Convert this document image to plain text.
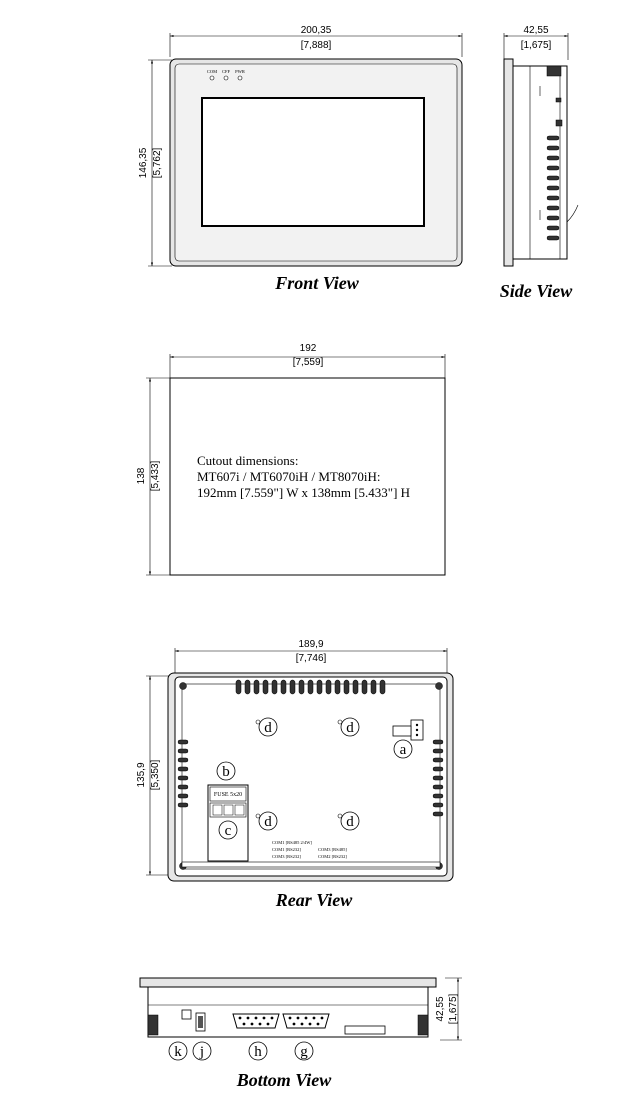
200,35
[7,888]
146,35 [5,762]
COM CFF PWR
Front View
42,55
[1,675]
Side View
192
[7,559]
138 [5,433]
Cutout dimensions:
MT607i / MT6070iH / MT8070iH:
192mm [7.559"] W x 138mm [5.433"] H
189,9
[7,746]
135,9 [5,350]
FUSE 5x20
COM1 [RS485 2/4W]
COM1 [RS232]	COM3 [RS485]
COM3 [RS232]	COM2 [RS232]
a
b
c
d	d
d	d
Rear View
42,55 [1,675]
k j	h	g
Bottom View
